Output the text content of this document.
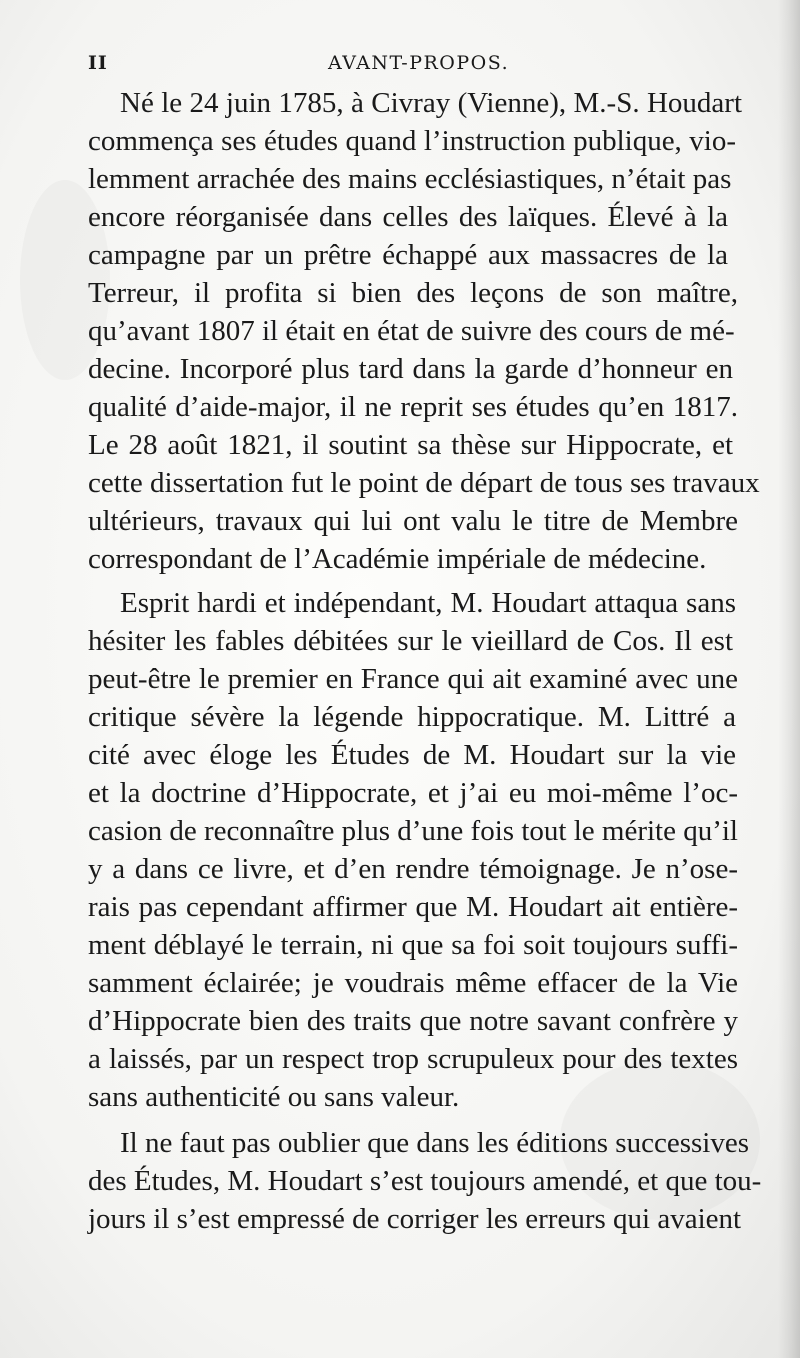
II	AVANT-PROPOS.
Né le 24 juin 1785, à Civray (Vienne), M.-S. Houdart
commença ses études quand l’instruction publique, vio-
lemment arrachée des mains ecclésiastiques, n’était pas
encore réorganisée dans celles des laïques. Élevé à la
campagne par un prêtre échappé aux massacres de la
Terreur, il profita si bien des leçons de son maître,
qu’avant 1807 il était en état de suivre des cours de mé-
decine. Incorporé plus tard dans la garde d’honneur en
qualité d’aide-major, il ne reprit ses études qu’en 1817.
Le 28 août 1821, il soutint sa thèse sur Hippocrate, et
cette dissertation fut le point de départ de tous ses travaux
ultérieurs, travaux qui lui ont valu le titre de Membre
correspondant de l’Académie impériale de médecine.
Esprit hardi et indépendant, M. Houdart attaqua sans
hésiter les fables débitées sur le vieillard de Cos. Il est
peut-être le premier en France qui ait examiné avec une
critique sévère la légende hippocratique. M. Littré a
cité avec éloge les Études de M. Houdart sur la vie
et la doctrine d’Hippocrate, et j’ai eu moi-même l’oc-
casion de reconnaître plus d’une fois tout le mérite qu’il
y a dans ce livre, et d’en rendre témoignage. Je n’ose-
rais pas cependant affirmer que M. Houdart ait entière-
ment déblayé le terrain, ni que sa foi soit toujours suffi-
samment éclairée; je voudrais même effacer de la Vie
d’Hippocrate bien des traits que notre savant confrère y
a laissés, par un respect trop scrupuleux pour des textes
sans authenticité ou sans valeur.
Il ne faut pas oublier que dans les éditions successives
des Études, M. Houdart s’est toujours amendé, et que tou-
jours il s’est empressé de corriger les erreurs qui avaient
